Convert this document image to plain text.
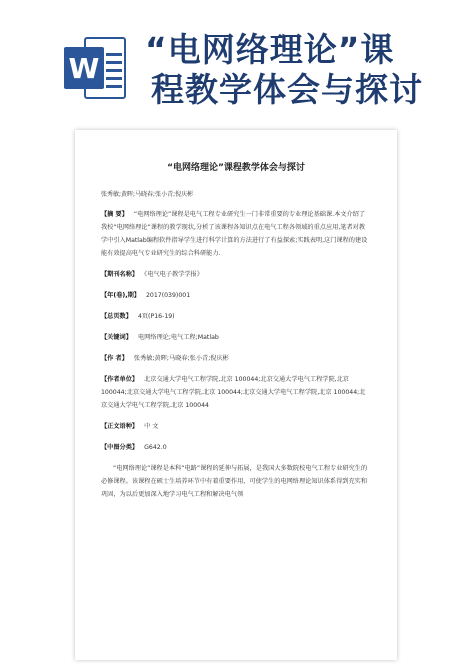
W “电网络理论”课
程教学体会与探讨
“电网络理论”课程教学体会与探讨
张秀敏;黄晖;马晓春;张小青;倪庆彬
【摘 要】 “电网络理论”课程是电气工程专业研究生一门非常重要的专业理论基础课.本文介绍了我校“电网络理论”课程的教学现状,分析了该课程各知识点在电气工程各领域的重点应用,笔者对教学中引入Matlab编程软件指导学生进行科学计算的方法进行了有益探索;实践表明,这门课程的建设能有效提高电气专业研究生的综合科研能力.
【期刊名称】 《电气电子教学学报》
【年(卷),期】 2017(039)001
【总页数】 4页(P16-19)
【关键词】 电网络理论;电气工程;Matlab
【作 者】 张秀敏;黄晖;马晓春;张小青;倪庆彬
【作者单位】 北京交通大学电气工程学院,北京 100044;北京交通大学电气工程学院,北京 100044;北京交通大学电气工程学院,北京 100044;北京交通大学电气工程学院,北京 100044;北京交通大学电气工程学院,北京 100044
【正文语种】 中 文
【中图分类】 G642.0
“电网络理论”课程是本科“电路”课程的延伸与拓展，是我国大多数院校电气工程专业研究生的必修课程。该课程在硕士生培养环节中有着重要作用，可使学生的电网络理论知识体系得到充实和巩固，为以后更加深入地学习电气工程和解决电气领
